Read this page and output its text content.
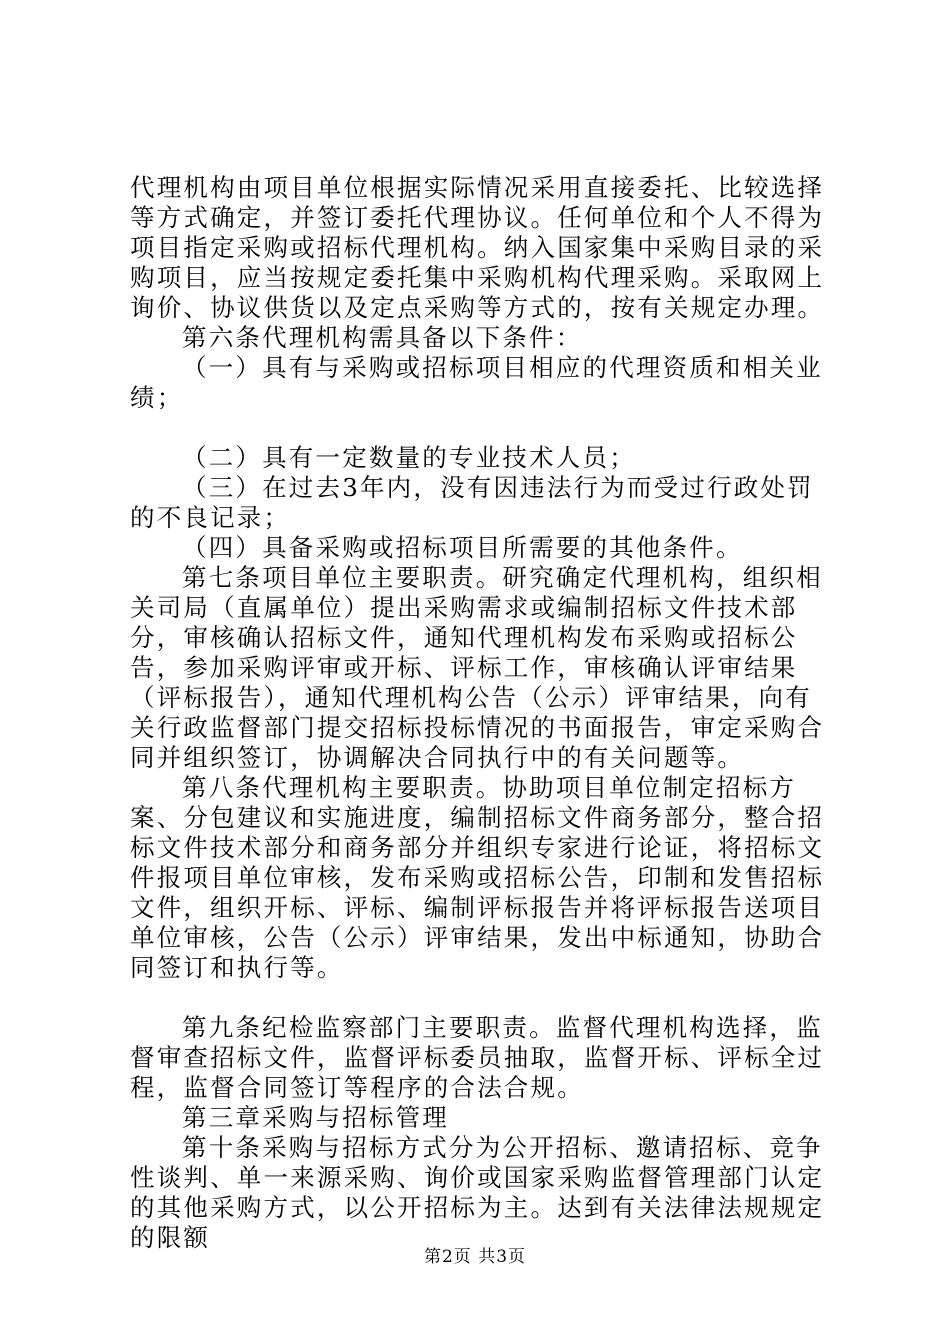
代理机构由项目单位根据实际情况采用直接委托、比较选择等方式确定，并签订委托代理协议。任何单位和个人不得为项目指定采购或招标代理机构。纳入国家集中采购目录的采购项目，应当按规定委托集中采购机构代理采购。采取网上询价、协议供货以及定点采购等方式的，按有关规定办理。

第六条代理机构需具备以下条件：

（一）具有与采购或招标项目相应的代理资质和相关业绩；

（二）具有一定数量的专业技术人员；

（三）在过去3年内，没有因违法行为而受过行政处罚的不良记录；

（四）具备采购或招标项目所需要的其他条件。

第七条项目单位主要职责。研究确定代理机构，组织相关司局（直属单位）提出采购需求或编制招标文件技术部分，审核确认招标文件，通知代理机构发布采购或招标公告，参加采购评审或开标、评标工作，审核确认评审结果（评标报告），通知代理机构公告（公示）评审结果，向有关行政监督部门提交招标投标情况的书面报告，审定采购合同并组织签订，协调解决合同执行中的有关问题等。

第八条代理机构主要职责。协助项目单位制定招标方案、分包建议和实施进度，编制招标文件商务部分，整合招标文件技术部分和商务部分并组织专家进行论证，将招标文件报项目单位审核，发布采购或招标公告，印制和发售招标文件，组织开标、评标、编制评标报告并将评标报告送项目单位审核，公告（公示）评审结果，发出中标通知，协助合同签订和执行等。

第九条纪检监察部门主要职责。监督代理机构选择，监督审查招标文件，监督评标委员抽取，监督开标、评标全过程，监督合同签订等程序的合法合规。

第三章采购与招标管理

第十条采购与招标方式分为公开招标、邀请招标、竞争性谈判、单一来源采购、询价或国家采购监督管理部门认定的其他采购方式，以公开招标为主。达到有关法律法规规定的限额

第2页 共3页
